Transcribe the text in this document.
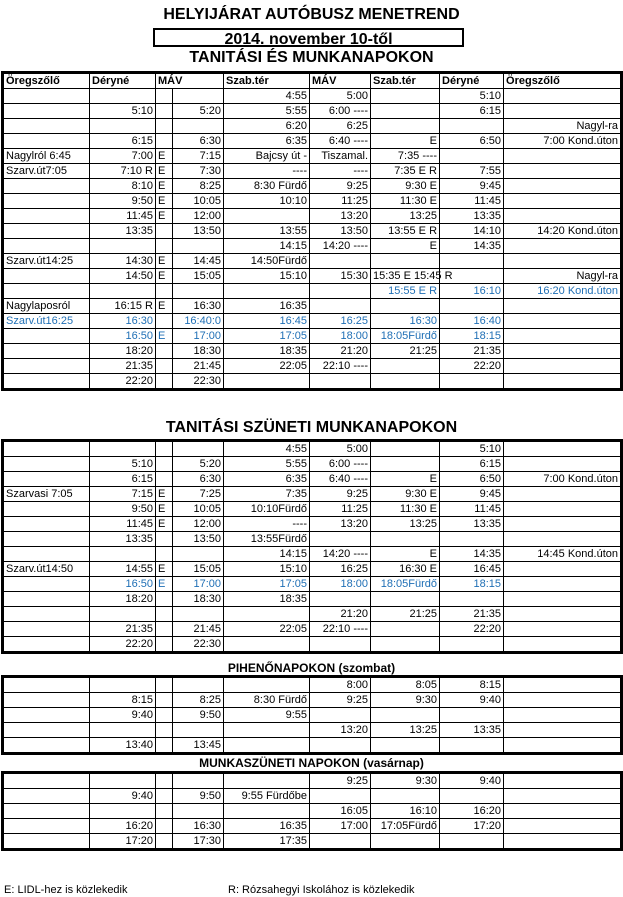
HELYIJÁRAT AUTÓBUSZ MENETREND
2014. november 10-től
TANITÁSI ÉS MUNKANAPOKON
Öregszőlő	Déryné	MÁV		Szab.tér	MÁV	Szab.tér	Déryné	Öregszőlő
				4:55	5:00		5:10	
	5:10		5:20	5:55	6:00 ----		6:15	
				6:20	6:25			Nagyl-ra
	6:15		6:30	6:35	6:40 ----	E	6:50	7:00 Kond.úton
Nagylról 6:45	7:00	E	7:15	Bajcsy út -	Tiszamal.	7:35 ----		
Szarv.út7:05	7:10 R	E	7:30	----	----	7:35 E R	7:55	
	8:10	E	8:25	8:30 Fürdő	9:25	9:30 E	9:45	
	9:50	E	10:05	10:10	11:25	11:30 E	11:45	
	11:45	E	12:00		13:20	13:25	13:35	
	13:35		13:50	13:55	13:50	13:55 E R	14:10	14:20 Kond.úton
				14:15	14:20 ----	E	14:35	
Szarv.út14:25	14:30	E	14:45	14:50Fürdő				
	14:50	E	15:05	15:10	15:30	15:35 E 15:45 R		Nagyl-ra
						15:55 E R	16:10	16:20 Kond.úton
Nagylaposról	16:15 R	E	16:30	16:35				
Szarv.út16:25	16:30		16:40:0	16:45	16:25	16:30	16:40	
	16:50	E	17:00	17:05	18:00	18:05Fürdő	18:15	
	18:20		18:30	18:35	21:20	21:25	21:35	
	21:35		21:45	22:05	22:10 ----		22:20	
	22:20		22:30					
TANITÁSI SZÜNETI MUNKANAPOKON
				4:55	5:00		5:10	
	5:10		5:20	5:55	6:00 ----		6:15	
	6:15		6:30	6:35	6:40 ----	E	6:50	7:00 Kond.úton
Szarvasi 7:05	7:15	E	7:25	7:35	9:25	9:30 E	9:45	
	9:50	E	10:05	10:10Fürdő	11:25	11:30 E	11:45	
	11:45	E	12:00	----	13:20	13:25	13:35	
	13:35		13:50	13:55Fürdő				
				14:15	14:20 ----	E	14:35	14:45 Kond.úton
Szarv.út14:50	14:55	E	15:05	15:10	16:25	16:30 E	16:45	
	16:50	E	17:00	17:05	18:00	18:05Fürdő	18:15	
	18:20		18:30	18:35				
					21:20	21:25	21:35	
	21:35		21:45	22:05	22:10 ----		22:20	
	22:20		22:30					
PIHENŐNAPOKON (szombat)
					8:00	8:05	8:15	
	8:15		8:25	8:30 Fürdő	9:25	9:30	9:40	
	9:40		9:50	9:55				
					13:20	13:25	13:35	
	13:40		13:45					
MUNKASZÜNETI NAPOKON (vasárnap)
					9:25	9:30	9:40	
	9:40		9:50	9:55 Fürdőbe				
					16:05	16:10	16:20	
	16:20		16:30	16:35	17:00	17:05Fürdő	17:20	
	17:20		17:30	17:35				
E: LIDL-hez is közlekedik	R: Rózsahegyi Iskolához is közlekedik
